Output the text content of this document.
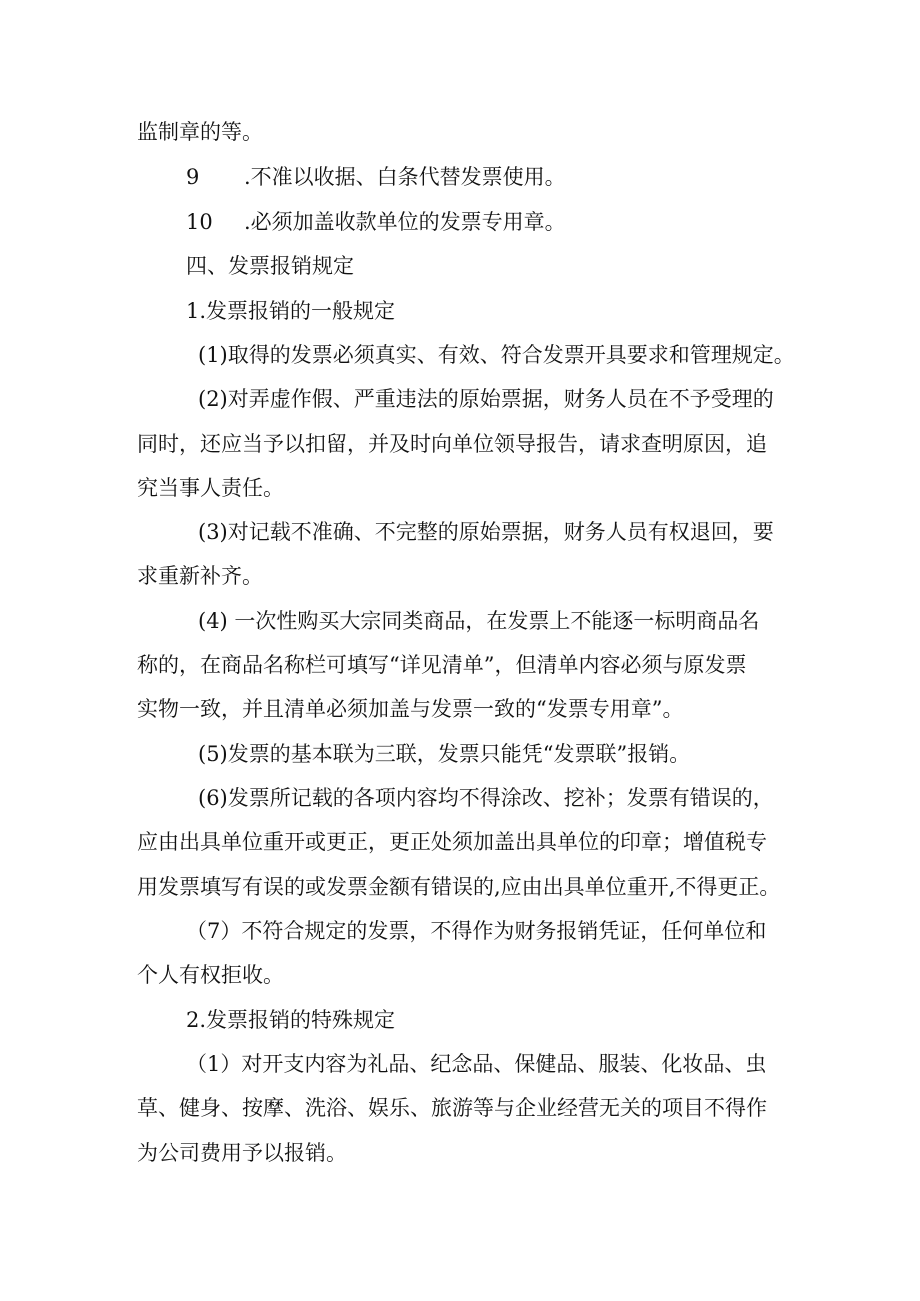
监制章的等。
9 .不准以收据、白条代替发票使用。
10 .必须加盖收款单位的发票专用章。
四、发票报销规定
1.发票报销的一般规定
(1)取得的发票必须真实、有效、符合发票开具要求和管理规定。
(2)对弄虚作假、严重违法的原始票据，财务人员在不予受理的
同时，还应当予以扣留，并及时向单位领导报告，请求查明原因，追
究当事人责任。
(3)对记载不准确、不完整的原始票据，财务人员有权退回，要
求重新补齐。
(4) 一次性购买大宗同类商品，在发票上不能逐一标明商品名
称的，在商品名称栏可填写“详见清单”，但清单内容必须与原发票
实物一致，并且清单必须加盖与发票一致的“发票专用章”。
(5)发票的基本联为三联，发票只能凭“发票联”报销。
(6)发票所记载的各项内容均不得涂改、挖补；发票有错误的，
应由出具单位重开或更正，更正处须加盖出具单位的印章；增值税专
用发票填写有误的或发票金额有错误的,应由出具单位重开,不得更正。
（7）不符合规定的发票，不得作为财务报销凭证，任何单位和
个人有权拒收。
2.发票报销的特殊规定
（1）对开支内容为礼品、纪念品、保健品、服装、化妆品、虫
草、健身、按摩、洗浴、娱乐、旅游等与企业经营无关的项目不得作
为公司费用予以报销。
